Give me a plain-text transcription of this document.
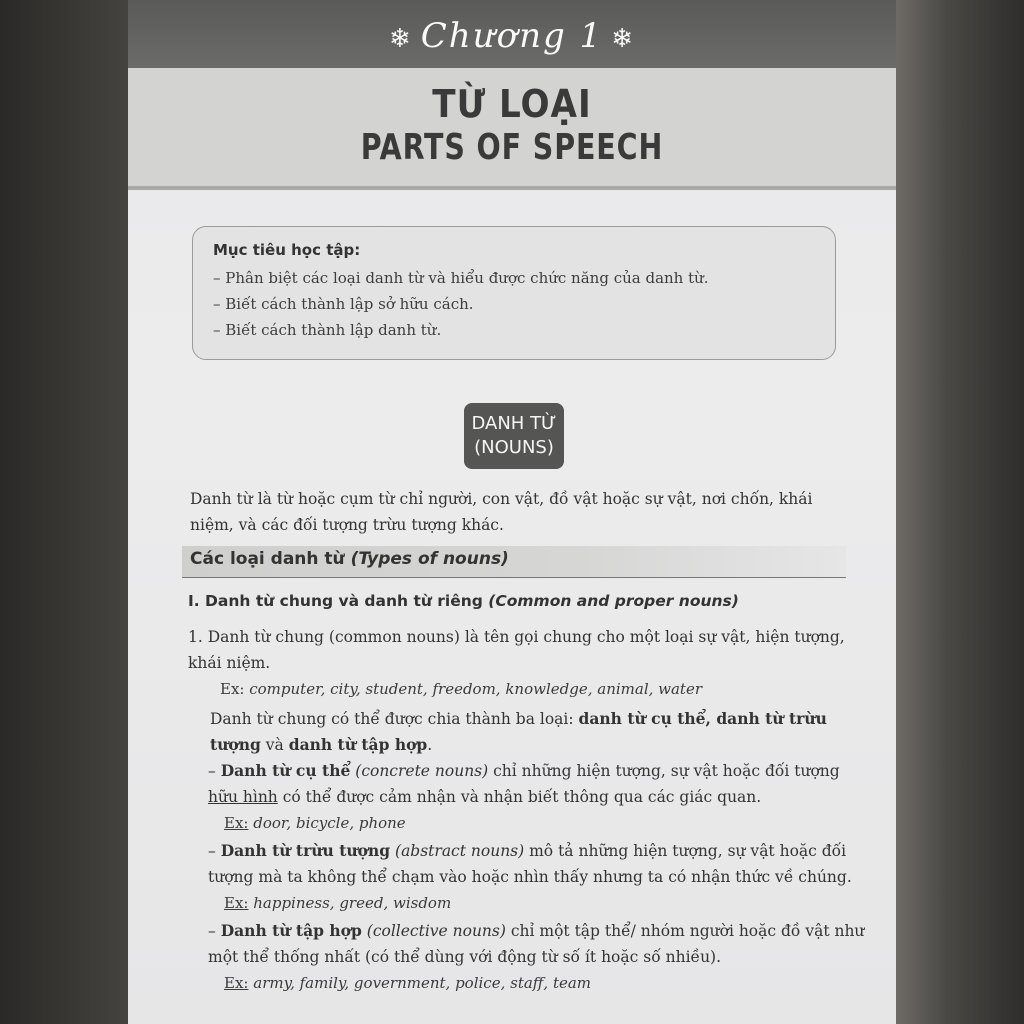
❄ Chương 1 ❄
TỪ LOẠI
PARTS OF SPEECH
Mục tiêu học tập:
– Phân biệt các loại danh từ và hiểu được chức năng của danh từ.
– Biết cách thành lập sở hữu cách.
– Biết cách thành lập danh từ.
DANH TỪ
(NOUNS)
Danh từ là từ hoặc cụm từ chỉ người, con vật, đồ vật hoặc sự vật, nơi chốn, khái niệm, và các đối tượng trừu tượng khác.
Các loại danh từ (Types of nouns)
I. Danh từ chung và danh từ riêng (Common and proper nouns)
1. Danh từ chung (common nouns) là tên gọi chung cho một loại sự vật, hiện tượng, khái niệm.
Ex: computer, city, student, freedom, knowledge, animal, water
Danh từ chung có thể được chia thành ba loại: danh từ cụ thể, danh từ trừu tượng và danh từ tập hợp.
– Danh từ cụ thể (concrete nouns) chỉ những hiện tượng, sự vật hoặc đối tượng hữu hình có thể được cảm nhận và nhận biết thông qua các giác quan.
Ex: door, bicycle, phone
– Danh từ trừu tượng (abstract nouns) mô tả những hiện tượng, sự vật hoặc đối tượng mà ta không thể chạm vào hoặc nhìn thấy nhưng ta có nhận thức về chúng.
Ex: happiness, greed, wisdom
– Danh từ tập hợp (collective nouns) chỉ một tập thể/ nhóm người hoặc đồ vật như một thể thống nhất (có thể dùng với động từ số ít hoặc số nhiều).
Ex: army, family, government, police, staff, team
